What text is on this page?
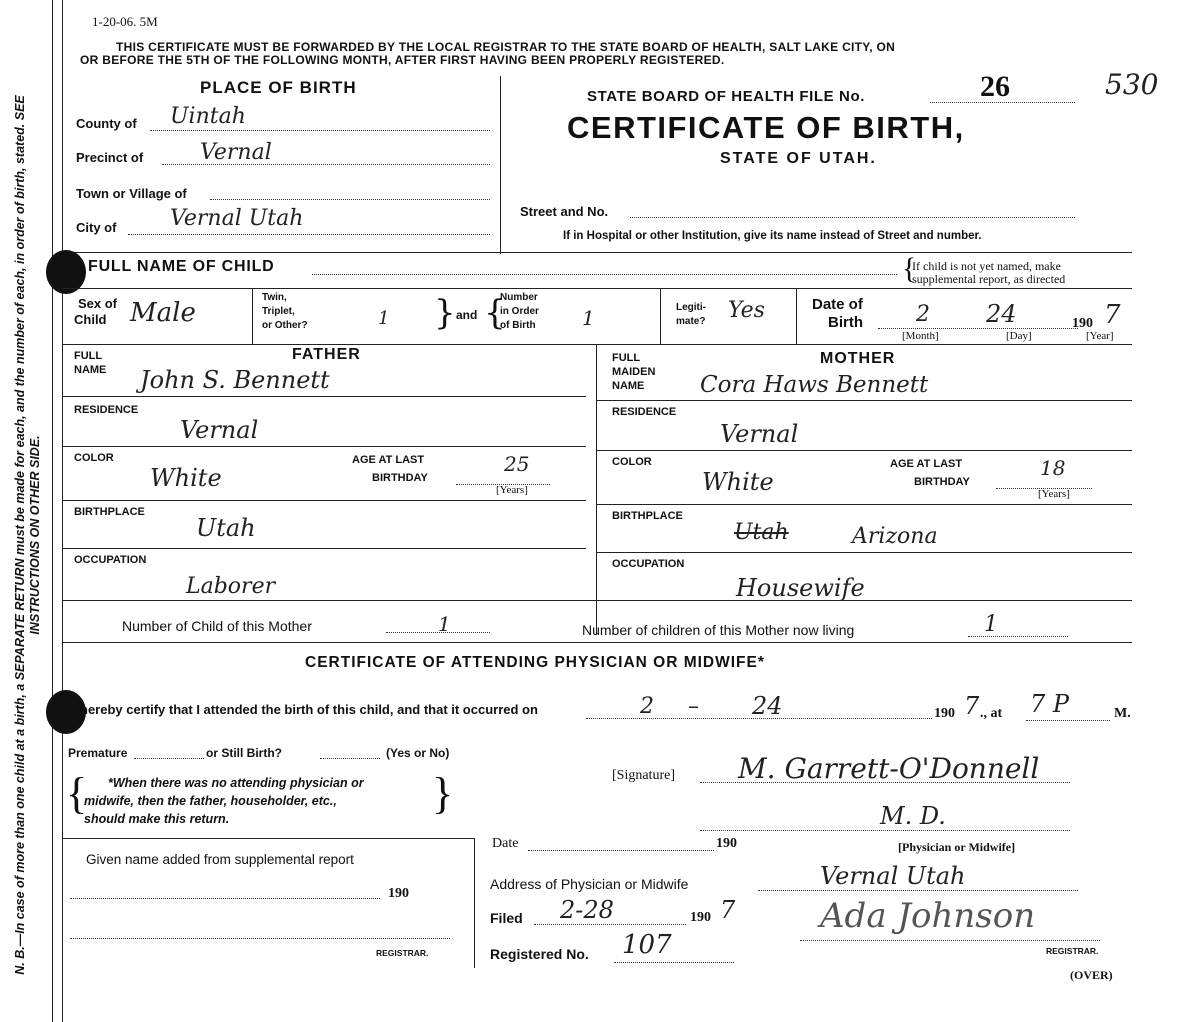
N. B.—In case of more than one child at a birth, a SEPARATE RETURN must be made for each, and the number of each, in order of birth, stated. SEE INSTRUCTIONS ON OTHER SIDE.
1-20-06. 5M
THIS CERTIFICATE MUST BE FORWARDED BY THE LOCAL REGISTRAR TO THE STATE BOARD OF HEALTH, SALT LAKE CITY, ON
OR BEFORE THE 5TH OF THE FOLLOWING MONTH, AFTER FIRST HAVING BEEN PROPERLY REGISTERED.
PLACE OF BIRTH
County of Uintah
Precinct of	Vernal
Town or Village of
City of Vernal Utah
STATE BOARD OF HEALTH FILE No.	26	530
CERTIFICATE OF BIRTH,
STATE OF UTAH.
Street and No.
If in Hospital or other Institution, give its name instead of Street and number.
FULL NAME OF CHILD	{
If child is not yet named, make
supplemental report, as directed
Sex of
Child Male
Twin,
Triplet,
or Other?	1 } and {
Number
in Order
of Birth 1	Legiti-
mate? Yes	Date of
Birth 2 24	190 7
[Month]	[Day]	[Year]
FATHER
FULL
NAME John S. Bennett
RESIDENCE
Vernal
COLOR
White
AGE AT LAST
BIRTHDAY
25
[Years]
BIRTHPLACE
Utah
OCCUPATION
Laborer
MOTHER
FULL
MAIDEN
NAME Cora Haws Bennett
RESIDENCE
Vernal
COLOR
White
AGE AT LAST
BIRTHDAY
18
[Years]
BIRTHPLACE
Utah	Arizona
OCCUPATION
Housewife
Number of Child of this Mother	1	Number of children of this Mother now living	1
CERTIFICATE OF ATTENDING PHYSICIAN OR MIDWIFE*
hereby certify that I attended the birth of this child, and that it occurred on	2 – 24	190 7 ., at 7 P	M.
Premature	or Still Birth?	(Yes or No)
{ *When there was no attending physician or
midwife, then the father, householder, etc.,
should make this return.
}	[Signature] M. Garrett-O'Donnell
M. D.
[Physician or Midwife]
Given name added from supplemental report
190
REGISTRAR.
Date	190
Address of Physician or Midwife	Vernal Utah
Filed 2-28	190 7 Ada Johnson
REGISTRAR.
Registered No. 107
(OVER)
